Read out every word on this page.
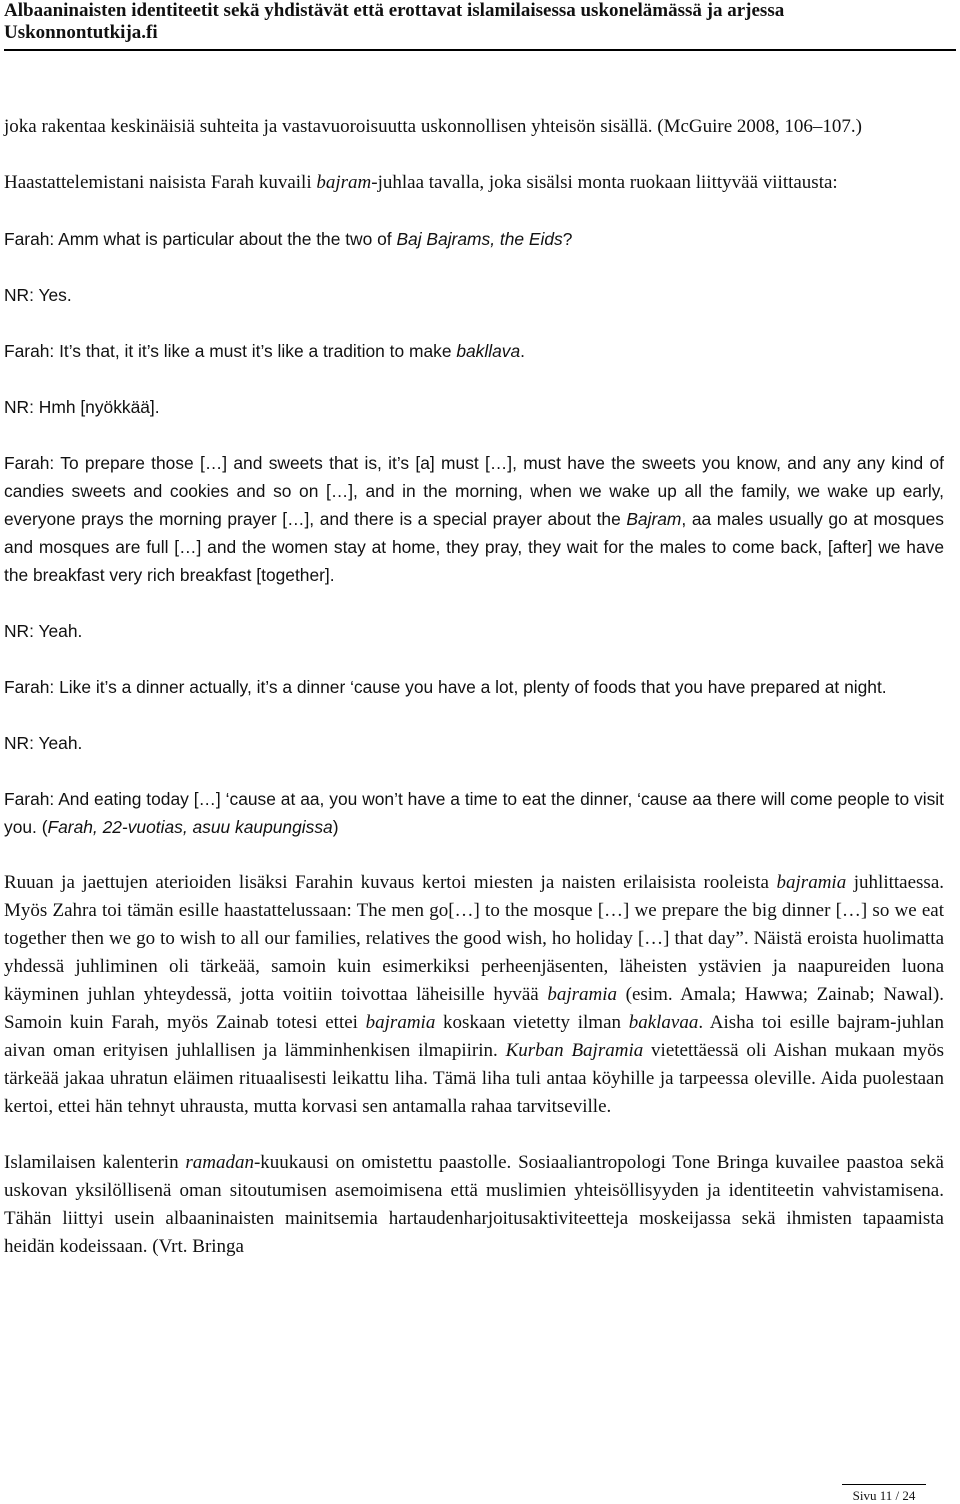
Albaaninaisten identiteetit sekä yhdistävät että erottavat islamilaisessa uskonelämässä ja arjessa
Uskonnontutkija.fi

joka rakentaa keskinäisiä suhteita ja vastavuoroisuutta uskonnollisen yhteisön sisällä. (McGuire 2008, 106–107.)

Haastattelemistani naisista Farah kuvaili bajram-juhlaa tavalla, joka sisälsi monta ruokaan liittyvää viittausta:

Farah: Amm what is particular about the the two of Baj Bajrams, the Eids?

NR: Yes.

Farah: It’s that, it it’s like a must it’s like a tradition to make bakllava.

NR: Hmh [nyökkää].

Farah: To prepare those […] and sweets that is, it’s [a] must […], must have the sweets you know, and any any kind of candies sweets and cookies and so on […], and in the morning, when we wake up all the family, we wake up early, everyone prays the morning prayer […], and there is a special prayer about the Bajram, aa males usually go at mosques and mosques are full […] and the women stay at home, they pray, they wait for the males to come back, [after] we have the breakfast very rich breakfast [together].

NR: Yeah.

Farah: Like it’s a dinner actually, it’s a dinner ‘cause you have a lot, plenty of foods that you have prepared at night.

NR: Yeah.

Farah: And eating today […] ‘cause at aa, you won’t have a time to eat the dinner, ‘cause aa there will come people to visit you. (Farah, 22-vuotias, asuu kaupungissa)

Ruuan ja jaettujen aterioiden lisäksi Farahin kuvaus kertoi miesten ja naisten erilaisista rooleista bajramia juhlittaessa. Myös Zahra toi tämän esille haastattelussaan: The men go[…] to the mosque […] we prepare the big dinner […] so we eat together then we go to wish to all our families, relatives the good wish, ho holiday […] that day”. Näistä eroista huolimatta yhdessä juhliminen oli tärkeää, samoin kuin esimerkiksi perheenjäsenten, läheisten ystävien ja naapureiden luona käyminen juhlan yhteydessä, jotta voitiin toivottaa läheisille hyvää bajramia (esim. Amala; Hawwa; Zainab; Nawal). Samoin kuin Farah, myös Zainab totesi ettei bajramia koskaan vietetty ilman baklavaa. Aisha toi esille bajram-juhlan aivan oman erityisen juhlallisen ja lämminhenkisen ilmapiirin. Kurban Bajramia vietettäessä oli Aishan mukaan myös tärkeää jakaa uhratun eläimen rituaalisesti leikattu liha. Tämä liha tuli antaa köyhille ja tarpeessa oleville. Aida puolestaan kertoi, ettei hän tehnyt uhrausta, mutta korvasi sen antamalla rahaa tarvitseville.

Islamilaisen kalenterin ramadan-kuukausi on omistettu paastolle. Sosiaaliantropologi Tone Bringa kuvailee paastoa sekä uskovan yksilöllisenä oman sitoutumisen asemoimisena että muslimien yhteisöllisyyden ja identiteetin vahvistamisena. Tähän liittyi usein albaaninaisten mainitsemia hartaudenharjoitusaktiviteetteja moskeijassa sekä ihmisten tapaamista heidän kodeissaan. (Vrt. Bringa

Sivu 11 / 24
